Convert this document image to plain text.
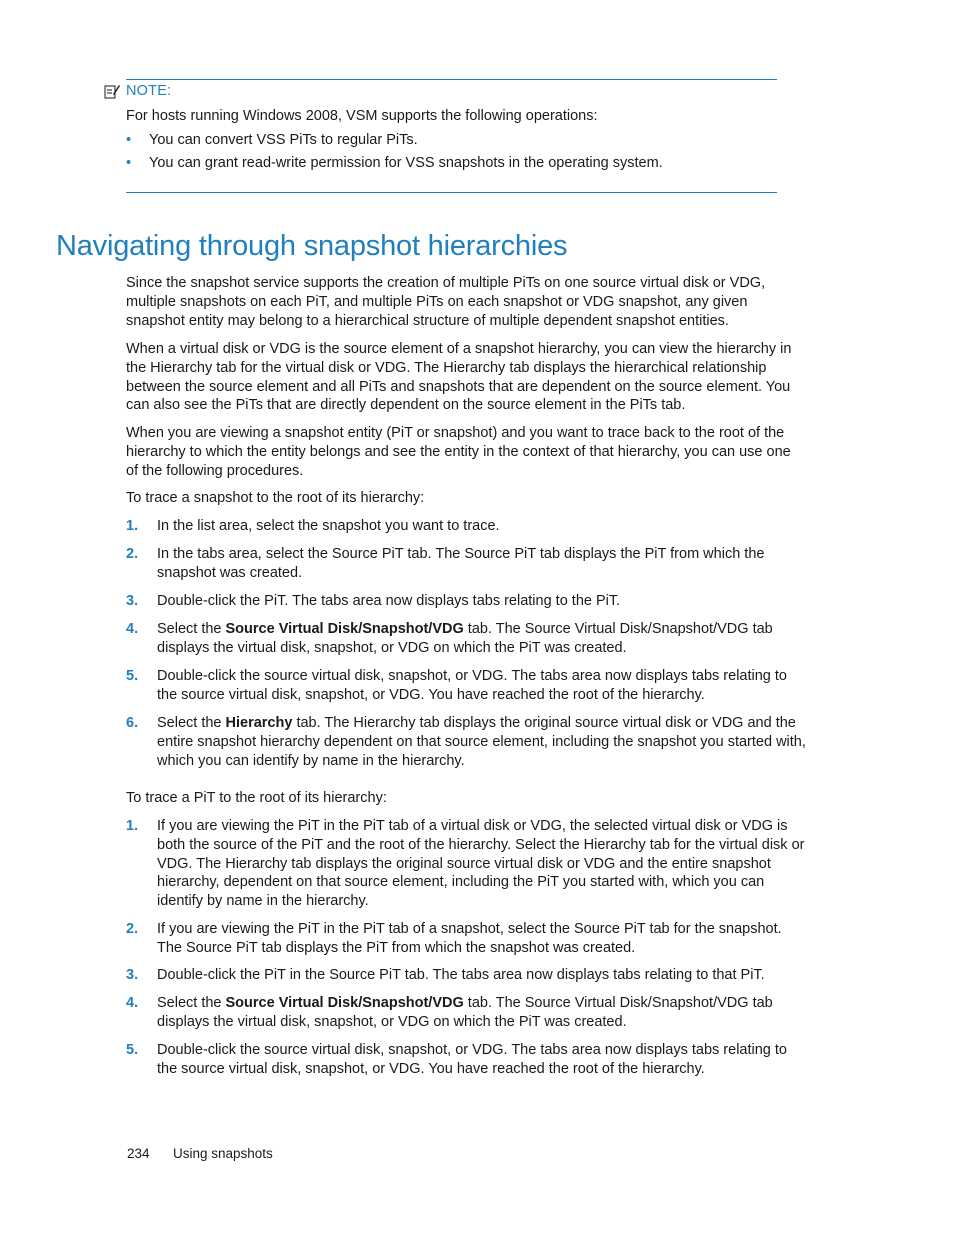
NOTE:
For hosts running Windows 2008, VSM supports the following operations:
• You can convert VSS PiTs to regular PiTs.
• You can grant read-write permission for VSS snapshots in the operating system.
Navigating through snapshot hierarchies

Since the snapshot service supports the creation of multiple PiTs on one source virtual disk or VDG, multiple snapshots on each PiT, and multiple PiTs on each snapshot or VDG snapshot, any given snapshot entity may belong to a hierarchical structure of multiple dependent snapshot entities.

When a virtual disk or VDG is the source element of a snapshot hierarchy, you can view the hierarchy in the Hierarchy tab for the virtual disk or VDG. The Hierarchy tab displays the hierarchical relationship between the source element and all PiTs and snapshots that are dependent on the source element. You can also see the PiTs that are directly dependent on the source element in the PiTs tab.

When you are viewing a snapshot entity (PiT or snapshot) and you want to trace back to the root of the hierarchy to which the entity belongs and see the entity in the context of that hierarchy, you can use one of the following procedures.

To trace a snapshot to the root of its hierarchy:

1. In the list area, select the snapshot you want to trace.
2. In the tabs area, select the Source PiT tab. The Source PiT tab displays the PiT from which the snapshot was created.
3. Double-click the PiT. The tabs area now displays tabs relating to the PiT.
4. Select the Source Virtual Disk/Snapshot/VDG tab. The Source Virtual Disk/Snapshot/VDG tab displays the virtual disk, snapshot, or VDG on which the PiT was created.
5. Double-click the source virtual disk, snapshot, or VDG. The tabs area now displays tabs relating to the source virtual disk, snapshot, or VDG. You have reached the root of the hierarchy.
6. Select the Hierarchy tab. The Hierarchy tab displays the original source virtual disk or VDG and the entire snapshot hierarchy dependent on that source element, including the snapshot you started with, which you can identify by name in the hierarchy.

To trace a PiT to the root of its hierarchy:

1. If you are viewing the PiT in the PiT tab of a virtual disk or VDG, the selected virtual disk or VDG is both the source of the PiT and the root of the hierarchy. Select the Hierarchy tab for the virtual disk or VDG. The Hierarchy tab displays the original source virtual disk or VDG and the entire snapshot hierarchy, dependent on that source element, including the PiT you started with, which you can identify by name in the hierarchy.
2. If you are viewing the PiT in the PiT tab of a snapshot, select the Source PiT tab for the snapshot. The Source PiT tab displays the PiT from which the snapshot was created.
3. Double-click the PiT in the Source PiT tab. The tabs area now displays tabs relating to that PiT.
4. Select the Source Virtual Disk/Snapshot/VDG tab. The Source Virtual Disk/Snapshot/VDG tab displays the virtual disk, snapshot, or VDG on which the PiT was created.
5. Double-click the source virtual disk, snapshot, or VDG. The tabs area now displays tabs relating to the source virtual disk, snapshot, or VDG. You have reached the root of the hierarchy.
234 Using snapshots
